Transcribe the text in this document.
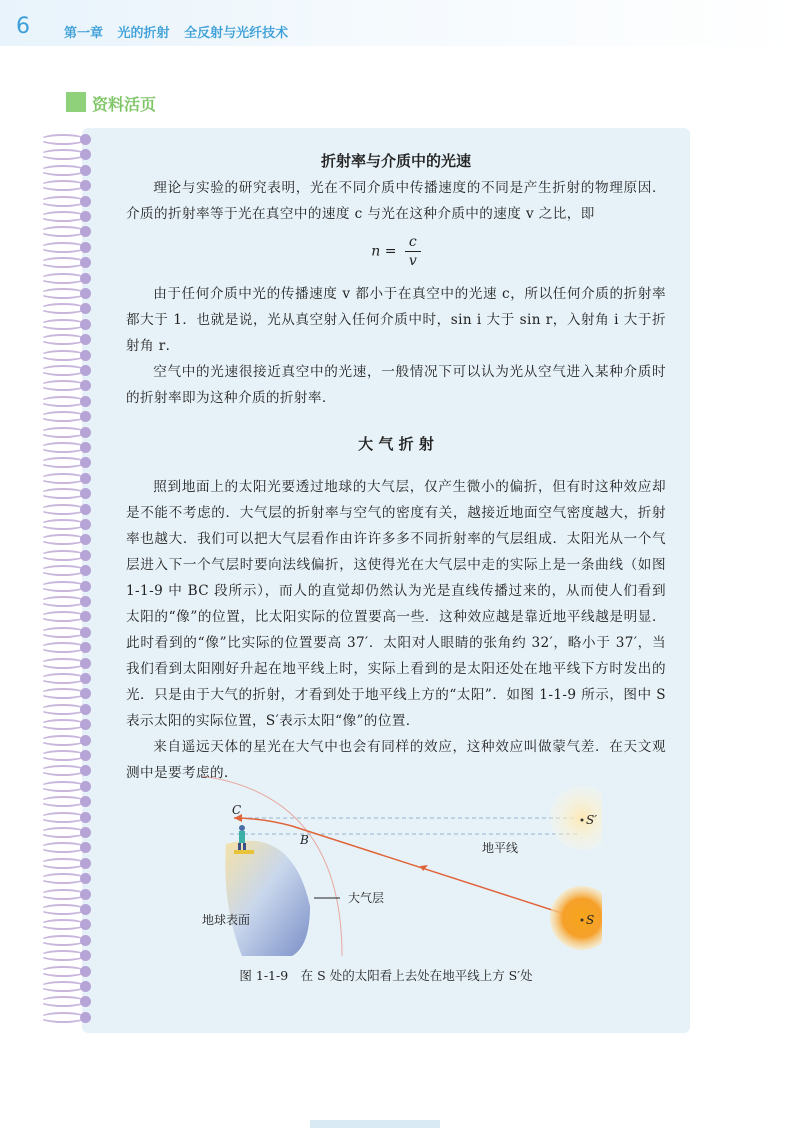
6	第一章 光的折射 全反射与光纤技术
资料活页
C
B
S′
S
地平线
大气层
地球表面
图 1-1-9　在 S 处的太阳看上去处在地平线上方 S′处
折射率与介质中的光速

理论与实验的研究表明，光在不同介质中传播速度的不同是产生折射的物理原因．介质的折射率等于光在真空中的速度 c 与光在这种介质中的速度 v 之比，即

$n = \frac{c}{v}$

由于任何介质中光的传播速度 v 都小于在真空中的光速 c，所以任何介质的折射率都大于 1．也就是说，光从真空射入任何介质中时，sin i 大于 sin r，入射角 i 大于折射角 r．

空气中的光速很接近真空中的光速，一般情况下可以认为光从空气进入某种介质时的折射率即为这种介质的折射率．

大 气 折 射

照到地面上的太阳光要透过地球的大气层，仅产生微小的偏折，但有时这种效应却是不能不考虑的．大气层的折射率与空气的密度有关，越接近地面空气密度越大，折射率也越大．我们可以把大气层看作由许许多多不同折射率的气层组成．太阳光从一个气层进入下一个气层时要向法线偏折，这使得光在大气层中走的实际上是一条曲线（如图 1-1-9 中 BC 段所示），而人的直觉却仍然认为光是直线传播过来的，从而使人们看到太阳的“像”的位置，比太阳实际的位置要高一些．这种效应越是靠近地平线越是明显．此时看到的“像”比实际的位置要高 37′．太阳对人眼睛的张角约 32′，略小于 37′，当我们看到太阳刚好升起在地平线上时，实际上看到的是太阳还处在地平线下方时发出的光．只是由于大气的折射，才看到处于地平线上方的“太阳”．如图 1-1-9 所示，图中 S 表示太阳的实际位置，S′表示太阳“像”的位置．

来自遥远天体的星光在大气中也会有同样的效应，这种效应叫做蒙气差．在天文观测中是要考虑的．
